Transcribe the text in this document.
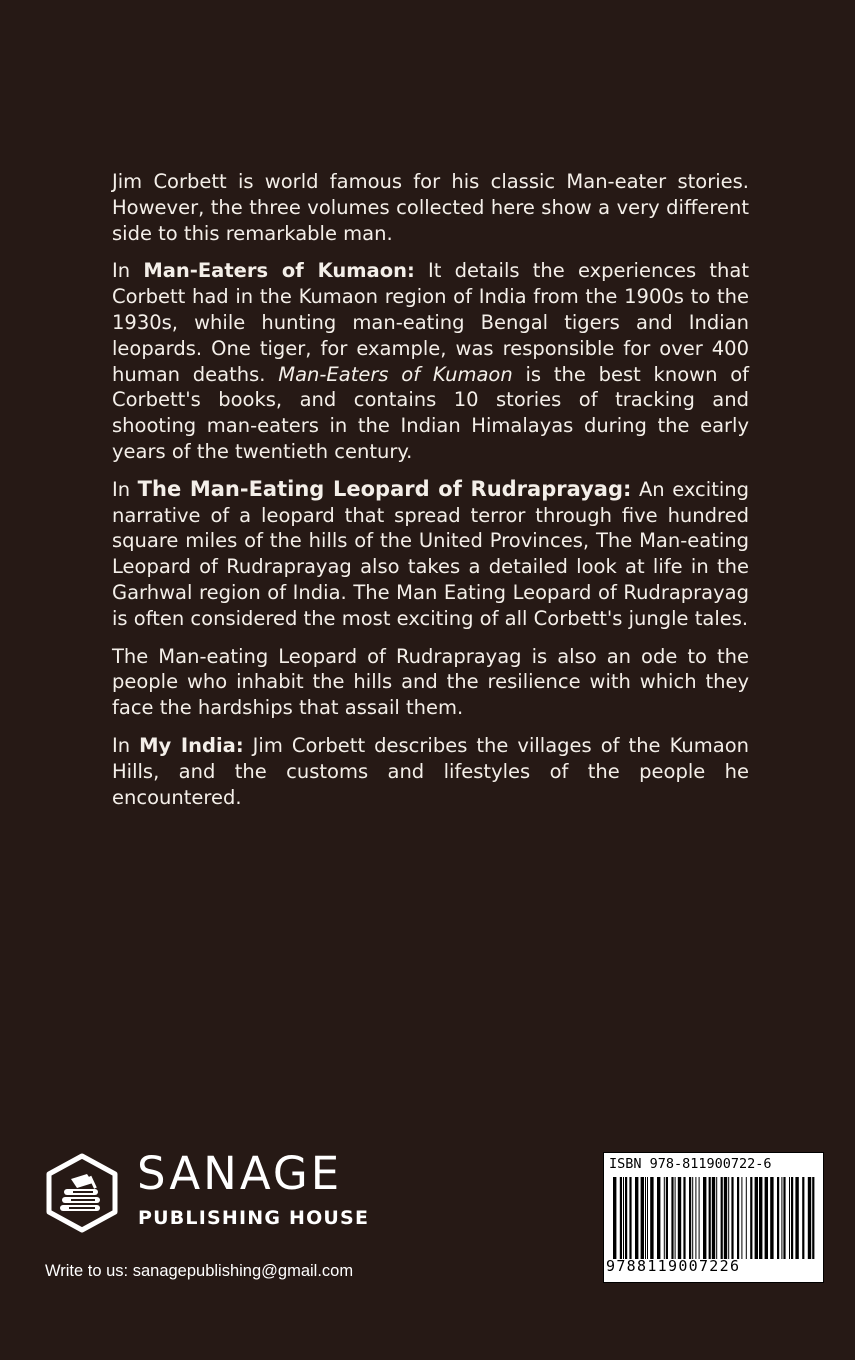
Jim Corbett is world famous for his classic Man-eater stories. However, the three volumes collected here show a very different side to this remarkable man.

In Man-Eaters of Kumaon: It details the experiences that Corbett had in the Kumaon region of India from the 1900s to the 1930s, while hunting man-eating Bengal tigers and Indian leopards. One tiger, for example, was responsible for over 400 human deaths. Man-Eaters of Kumaon is the best known of Corbett's books, and contains 10 stories of tracking and shooting man-eaters in the Indian Himalayas during the early years of the twentieth century.

In The Man-Eating Leopard of Rudraprayag: An exciting narrative of a leopard that spread terror through five hundred square miles of the hills of the United Provinces, The Man-eating Leopard of Rudraprayag also takes a detailed look at life in the Garhwal region of India. The Man Eating Leopard of Rudraprayag is often considered the most exciting of all Corbett's jungle tales.

The Man-eating Leopard of Rudraprayag is also an ode to the people who inhabit the hills and the resilience with which they face the hardships that assail them.

In My India: Jim Corbett describes the villages of the Kumaon Hills, and the customs and lifestyles of the people he encountered.

SANAGE
PUBLISHING HOUSE
Write to us: sanagepublishing@gmail.com
ISBN 978-811900722-6
9788119007226
